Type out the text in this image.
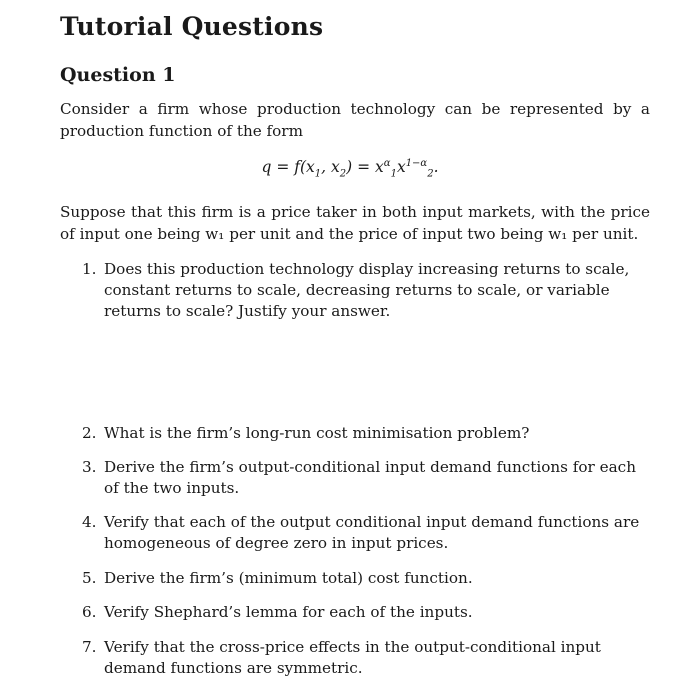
Tutorial Questions
Question 1
Consider a firm whose production technology can be represented by a production function of the form
$q = f(x_1$, $x_2) = x^\alpha_1x^{1-\alpha}_2$.
Suppose that this firm is a price taker in both input markets, with the price of input one being w₁ per unit and the price of input two being w₁ per unit.
1. Does this production technology display increasing returns to scale, constant returns to scale, decreasing returns to scale, or variable returns to scale? Justify your answer.
2. What is the firm’s long-run cost minimisation problem?
3. Derive the firm’s output-conditional input demand functions for each of the two inputs.
4. Verify that each of the output conditional input demand functions are homogeneous of degree zero in input prices.
5. Derive the firm’s (minimum total) cost function.
6. Verify Shephard’s lemma for each of the inputs.
7. Verify that the cross-price effects in the output-conditional input demand functions are symmetric.
